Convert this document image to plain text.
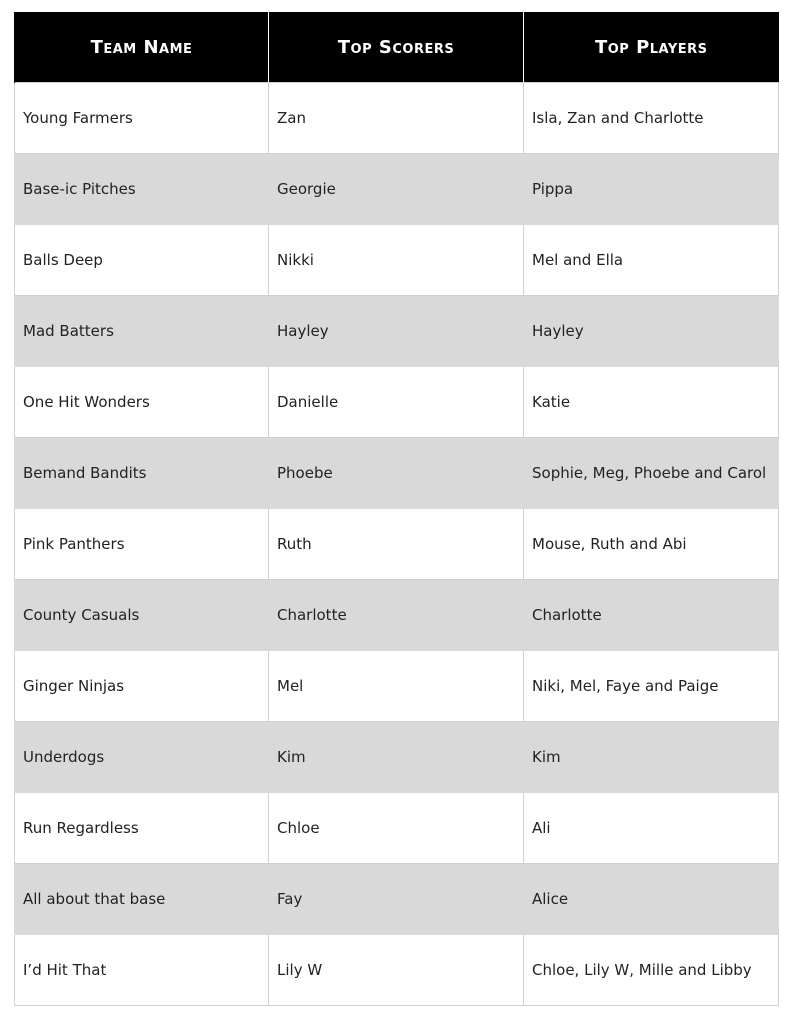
Team Name	Top Scorers	Top Players
Young Farmers	Zan	Isla, Zan and Charlotte
Base-ic Pitches	Georgie	Pippa
Balls Deep	Nikki	Mel and Ella
Mad Batters	Hayley	Hayley
One Hit Wonders	Danielle	Katie
Bemand Bandits	Phoebe	Sophie, Meg, Phoebe and Carol
Pink Panthers	Ruth	Mouse, Ruth and Abi
County Casuals	Charlotte	Charlotte
Ginger Ninjas	Mel	Niki, Mel, Faye and Paige
Underdogs	Kim	Kim
Run Regardless	Chloe	Ali
All about that base	Fay	Alice
I’d Hit That	Lily W	Chloe, Lily W, Mille and Libby
